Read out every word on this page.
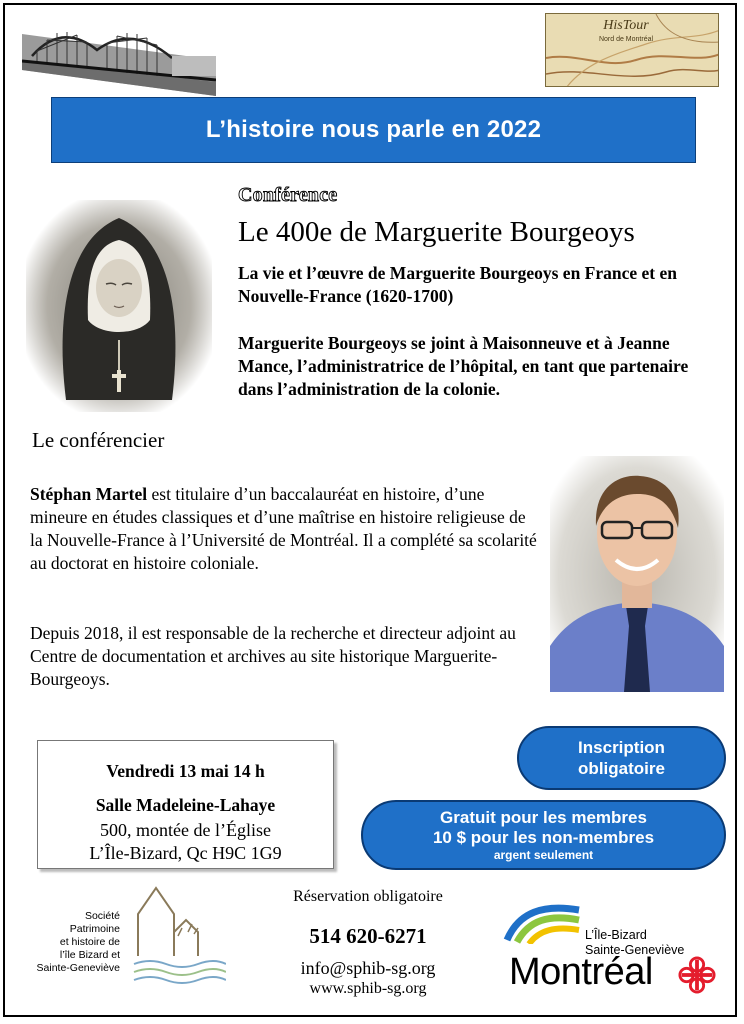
HisTour
Nord de Montréal
L’histoire nous parle en 2022
Conférence
Le 400e de Marguerite Bourgeoys
La vie et l’œuvre de Marguerite Bourgeoys en France et en Nouvelle-France (1620-1700)
Marguerite Bourgeoys se joint à Maisonneuve et à Jeanne Mance, l’administratrice de l’hôpital, en tant que partenaire dans l’administration de la colonie.
Le conférencier
Stéphan Martel est titulaire d’un baccalauréat en histoire, d’une mineure en études classiques et d’une maîtrise en histoire religieuse de la Nouvelle-France à l’Université de Montréal. Il a complété sa scolarité au doctorat en histoire coloniale.
Depuis 2018, il est responsable de la recherche et directeur adjoint au Centre de documentation et archives au site historique Marguerite-Bourgeoys.
Vendredi 13 mai 14 h
Salle Madeleine-Lahaye
500, montée de l’Église
L’Île-Bizard, Qc H9C 1G9
Inscription
obligatoire
Gratuit pour les membres
10 $ pour les non-membres
argent seulement
Société
Patrimoine
et histoire de
l’île Bizard et
Sainte-Geneviève
Réservation obligatoire
514 620-6271
info@sphib-sg.org
www.sphib-sg.org
L’Île-Bizard
Sainte-Geneviève
Montréal
